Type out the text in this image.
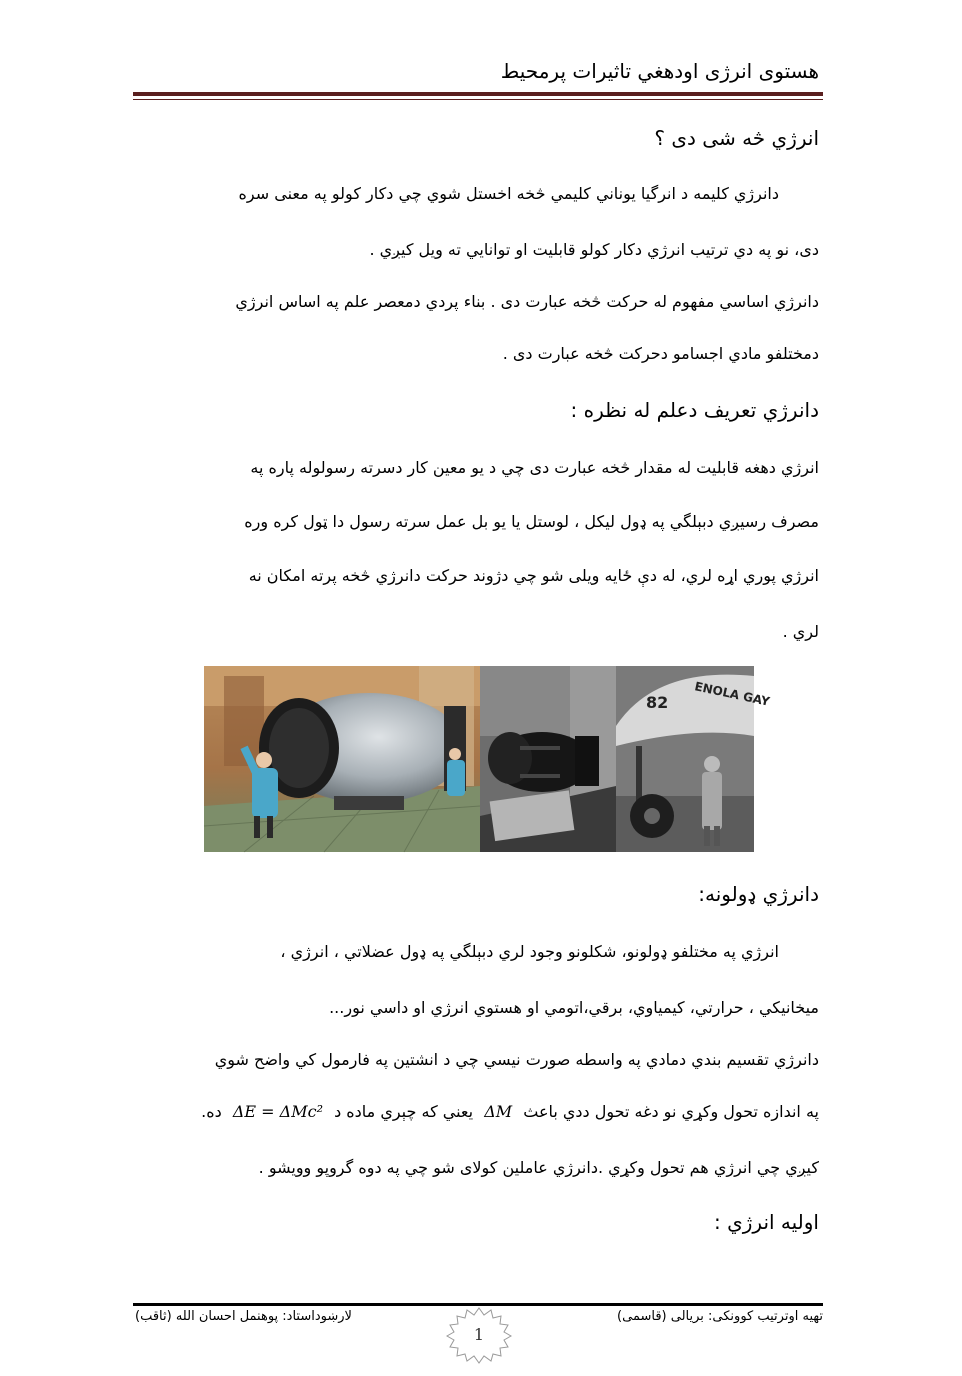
هستوی انرژی اودهغي تاثيرات پرمحيط
انرژي څه شی دی ؟
دانرژي كليمه د انرگيا يوناني كليمي څخه اخستل شوي چي دكار كولو په معنی سره
دی، نو په دي ترتيب انرژي دكار كولو قابليت او توانايي ته ويل كيږي .
دانرژي اساسي مفهوم له حركت څخه عبارت دی . بناء پردي دمعصر علم په اساس انرژي
دمختلفو مادي اجسامو دحركت څخه عبارت دی .
دانرژي تعريف دعلم له نظره :
انرژي دهغه قابليت له مقدار څخه عبارت دی چي د يو معين كار دسرته رسولوله پاره په
مصرف رسيږي دبېلگي په ډول ليكل ، لوستل يا يو بل عمل سرته رسول دا ټول كره وره
انرژي پوري اړه لري، له دې ځايه ويلی شو چي دژوند حركت دانرژي څخه پرته امكان نه
لري .
ENOLA GAY
82
دانرژي ډولونه:
انرژي په مختلفو ډولونو، شكلونو وجود لري دبېلگي په ډول عضلاتي ، انرژي ،
ميخانيكي ، حرارتي، كيمياوي، برقي،اتومي او هستوي انرژي او داسي نور...
دانرژي تقسيم بندي دمادي په واسطه صورت نيسي چي د انشتين په فارمول كي واضح شوي
په اندازه تحول وكړي نو دغه تحول ددي باعث ΔM يعني كه چېري ماده د ΔE = ΔMc² ده.
كيږي چي انرژي هم تحول وكړي .دانرژي عاملين كولای شو چي په دوه گروپو وويشو .
اوليه انرژي :
تهيه اوترتيب كوونكی: بريالی (قاسمی)
لارښوداستاد: پوهنمل احسان الله (ثاقب)
1
